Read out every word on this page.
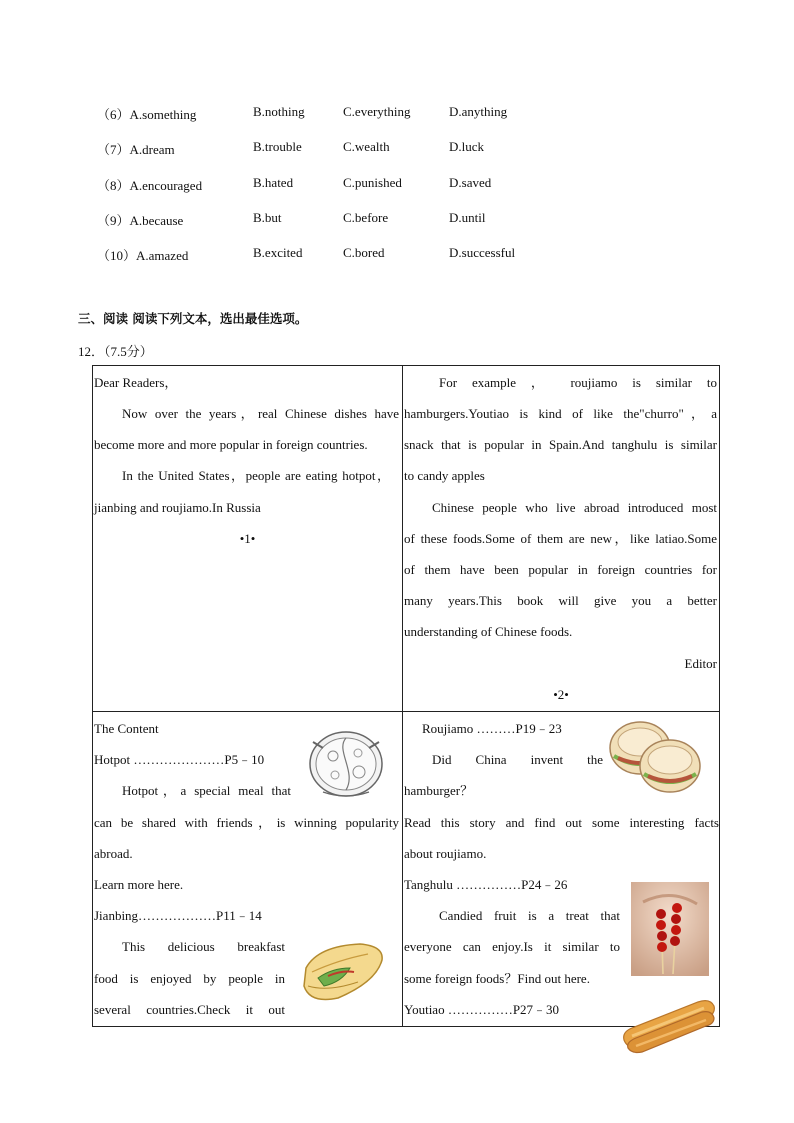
（6）A.something	B.nothing	C.everything	D.anything
（7）A.dream	B.trouble	C.wealth	D.luck
（8）A.encouraged	B.hated	C.punished	D.saved
（9）A.because	B.but	C.before	D.until
（10）A.amazed	B.excited	C.bored	D.successful
三、阅读 阅读下列文本，选出最佳选项。
12．（7.5分）
Dear Readers，
Now over the years，real Chinese dishes have
become more and more popular in foreign countries.
In the United States，people are eating hotpot，
jianbing and roujiamo.In Russia
•1•
For example ， roujiamo is similar to
hamburgers.Youtiao is kind of like the"churro"，a
snack that is popular in Spain.And tanghulu is similar
to candy apples
Chinese people who live abroad introduced most
of these foods.Some of them are new，like latiao.Some
of them have been popular in foreign countries for
many years.This book will give you a better
understanding of Chinese foods.
Editor
•2•
The Content
Hotpot …………………P5﹣10
Hotpot，a special meal that
can be shared with friends，is winning popularity
abroad.
Learn more here.
Jianbing………………P11﹣14
This delicious breakfast
food is enjoyed by people in
several countries.Check it out
Roujiamo ………P19﹣23
Did China invent the
hamburger？
Read this story and find out some interesting facts
about roujiamo.
Tanghulu ……………P24﹣26
Candied fruit is a treat that
everyone can enjoy.Is it similar to
some foreign foods？Find out here.
Youtiao ……………P27﹣30
